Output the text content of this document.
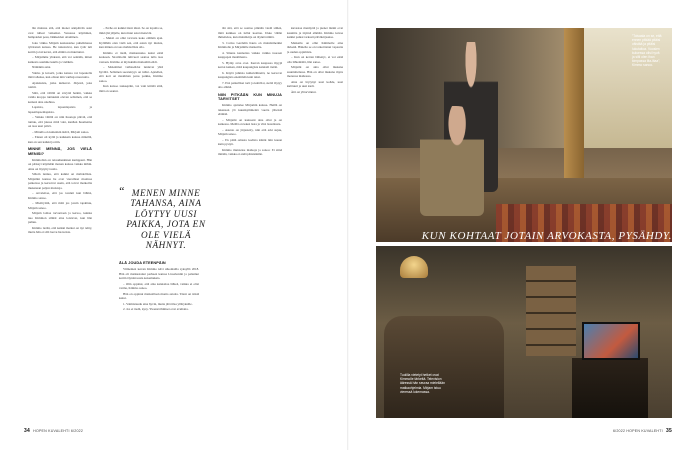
län muistaa sitä, että monet arkipäivän asiat ovat tulleet vaikeiksi. Vessassa käyminen, hampaiden pesu, lääkkeiden ottaminen.

Joka viikko Mirjam keskustelee puhelimessa tyttärensä kanssa. He tutustuivat, kun tytär tuli kotiin ja isä kertoi, että elämä on muuttunut.

– Mirjamme yhdessä, että vot sentään, miten kaikesta saamme kuulla ja vieläkin.

Nämäkin asiat.

Vaimo ja kaverit, jotka kanssa voi lupeutella mitä tahansa, kun ollaan niin vanhoja nuoruutta.

Ajatuksista, jotka kulkevat. Järjestä, joka toimii.

Siitä, että välillä on sävyttä hetkiä, vaikka vanha kroppa tuntuukin olevan sellainen, että se kerkesi aina unohtua.

Lapsista, lapsenlapsista ja lapsenlapsenlapsista.

– Vaikka välillä on niin huonoja päiviä, että tuntuu, että jaksaa mitä vain, kunhan huomenna on taas uusi päivä.

– Minulla on kuitenkin ikävä, Mirjam sanoo.

– Ennen oli kyllä ja kaikkein kanssa mökillä, kun on sen kaikki ja niin.

MINNE MENNÄ, JOS VIELÄ MENISI?

Kimmollan on reissuhenkinen kumppani. Hän on päässyt käymään monen kanssa vaikka mihin. Aina on löytynyt uutta.

Silloin tuntuu, että kaikki on mahdollista. Mirjamin kanssa he ovat vierailleet monissa paikoissa ja kertoivat usein, että toivat matkoilta mukanaan paljon muistoja.

– Arvelettaa, että jos totanni kun lähtisi, Kimmo sanoo.

– Mietityttää, että mitä jos jotain tapahtuu, Mirjam sanoo.

Mirjam laittaa tarvarnaan ja kertoo, kuinka nuo Kimmon silmät aina loistavat, kun hän puhuu.

Kimmo tietää, että kaikki matkat on nyt tehty, mutta hän ei silti luovu haaveista.

– Perhe on kaikki tässä iässä. Se on lopulta se, mikä jää jäljelle, kun muut asiat menevät.

– Muisti on ollut tarvasta koko elämän ajan. Kyllähän olen vielä sen, että autan nyt muista, kun minun on taas mahdollista olla.

Kimmo ei tiedä, matkustaako kaksi enää koskaan. Strombolin tulivuori saattaa tulla taas vastaan. Kimmo ei myöskään matkoihin ehdi.

– Molemmat vaihtoehdot tuntuvat yhtä hyviltä. Sellainen seesteisyys on tullut. Ajatellen, että koti on maailman paras paikka, Kimmo sanoo.

Kun katsoo taaksepäin, voi vain kiittää siitä, mitä on saanut.

“ MENEN MINNE TAHANSA, AINA LÖYTYY UUSI PAIKKA, JOTA EN OLE VIELÄ NÄHNYT.
ÄLÄ JOUDA ETEENPÄIN

Viimeinen kerran Kimmo kävi ulkomailla syksyllä 2018. Hän oli matkustanut perheen kanssa Lissaboniin ja palannut kotiin täynnä uusia kokemuksia.

– Olin oppinut, että aina kannattaa lähteä, vaikka ei olisi varma, Kimmo sanoo.

Hän on oppinut matkoillaan monia asioita. Tässä on niistä kaksi.

1. Valmistaudu aina hyvin, mutta jätä tilaa yllätyksille.

2. Jos et tiedä, kysy. Yleensä ihmiset ovat avuliaita.

tää sitä, että se saattaa pitkään viedä siihen, mitä kaikkea on tullut koettua. Ukko vähän ihmettelee, kun muistikirja on täynnä nimiä.

3. Carlos Gardelin hauta on muistinmerkki Kimmolle ja Mirjamille matkoilta.

4. Sinuna kannattaa vaikka vaikka tuoreen kauppojen maailmasta.

5. Hymy avaa ovet. Kerran kaupassa myyjä kertoi kaiken, mitä kaupungista kannatti tietää.

6. Käytä julkisia kulkuvälineitä, ne kertovat kaupungista enemmän kuin taksi.

7. Etsi paikalliset torit ja kahvilat, sieltä löytyy aito elämä.

NIIN PITKÄÄN KUN MINUJA TARVITSET

Kimmo ajattelee Mirjamin kanssa. Heillä on takanaan yli kuusikymmentä vuotta yhteistä elämää.

– Mirjami on kanssani aina ollut ja on kaikessa. Meillä on kaksi lasta ja viisi lastenlasta.

– Asunto on järjestetty, niin että arki sujuu, Mirjam sanoo.

– En pitää omasta kodista kiinni niin kauan kuin pystyn.

Kimmo muistelee matkoja ja sanoo: Ei siinä mitään, vaikka ei enää pääsisikään.

kuvastaa mennyttä ja pienet mökit ovat kauniita ja täynnä elämää. Kimmo kuvaa kaikki paikat tarkasti päiväkirjaansa.

Matkailu on ollut Kimmolle aina tärkeää. Hänelle se on tarkoittanut vapautta ja uuden oppimista.

– Kun on kerran lähtenyt, ei voi enää olla lähtemättä, hän sanoo.

Mirjami on aina ollut mukana suunnittelussa. Hän on ollut mukana myös monessa matkassa.

Aina on löytynyt uusi kohde, uusi kulttuuri ja uusi kieli.

Äiti on ylitarvinnut.

”Toisaala on se, että ennen pitkää pitäisi väistää ja pitäisi lukutaitoa. Vuosien kuluessa olisi hyvä ja silti olen ihan kimpassa ilta-iltaa”, Kimmo sanoo.
Tuolilla vietetyt hetket ovat Kimmolle tärkeitä. Television ääressä hän seuraa mielellään matkaohjelmia. Mirjam istuu vieressä lukemassa.
KUN KOHTAAT JOTAIN ARVOKASTA, PYSÄHDY.
34 HOPEN KUVALEHTI 6/2022	6/2022 HOPEN KUVALEHTI 35
